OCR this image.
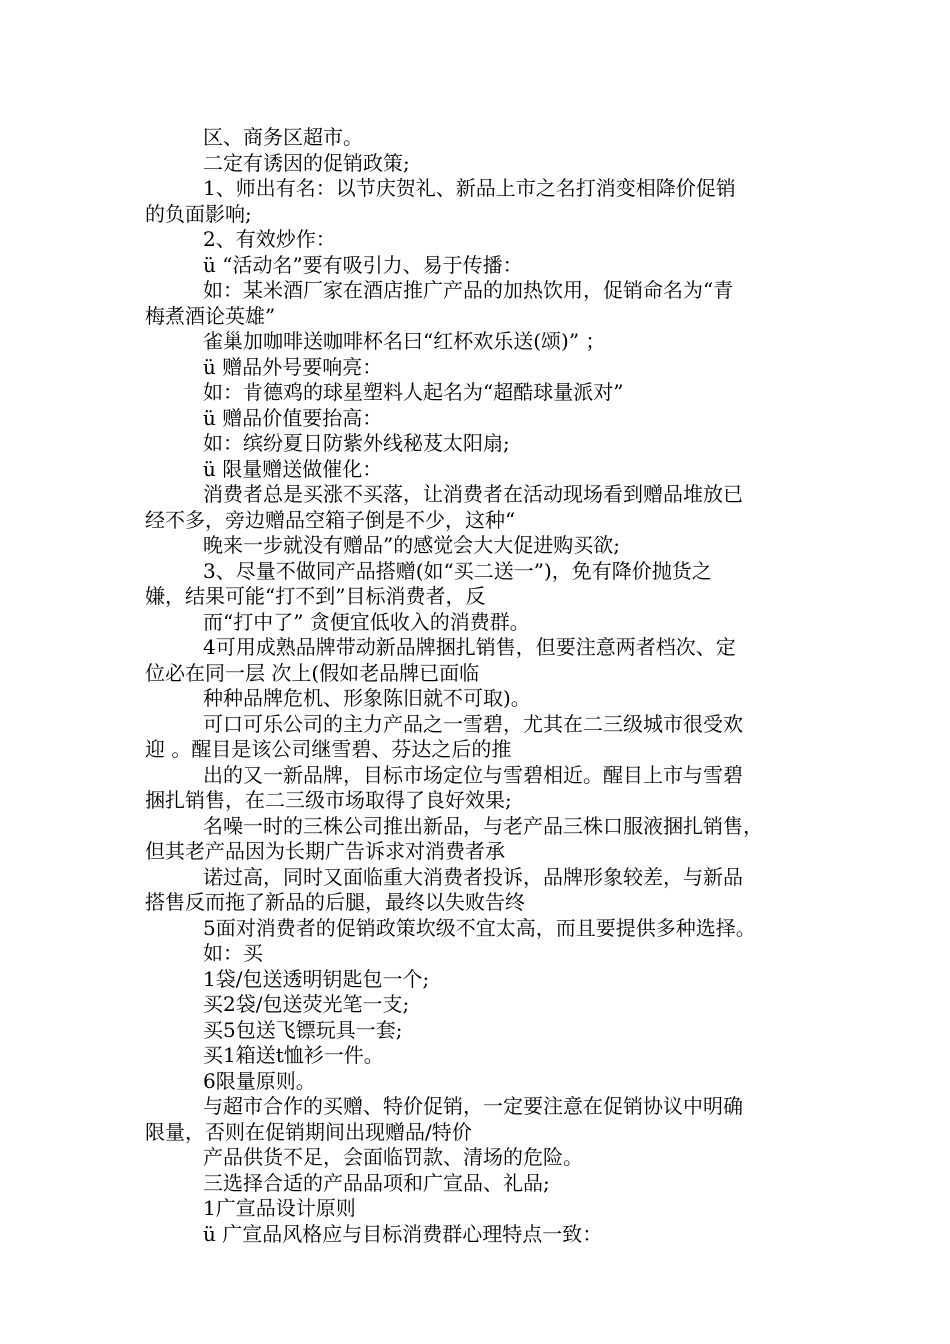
区、商务区超市。
二定有诱因的促销政策;
1、师出有名：以节庆贺礼、新品上市之名打消变相降价促销
的负面影响;
2、有效炒作：
ü “活动名”要有吸引力、易于传播：
如：某米酒厂家在酒店推广产品的加热饮用，促销命名为“青
梅煮酒论英雄”
雀巢加咖啡送咖啡杯名曰“红杯欢乐送(颂)” ；
ü 赠品外号要响亮：
如：肯德鸡的球星塑料人起名为“超酷球量派对”
ü 赠品价值要抬高：
如：缤纷夏日防紫外线秘芨太阳扇;
ü 限量赠送做催化：
消费者总是买涨不买落，让消费者在活动现场看到赠品堆放已
经不多，旁边赠品空箱子倒是不少，这种“
晚来一步就没有赠品”的感觉会大大促进购买欲;
3、尽量不做同产品搭赠(如“买二送一”)，免有降价抛货之
嫌，结果可能“打不到”目标消费者，反
而“打中了” 贪便宜低收入的消费群。
4可用成熟品牌带动新品牌捆扎销售，但要注意两者档次、定
位必在同一层 次上(假如老品牌已面临
种种品牌危机、形象陈旧就不可取)。
可口可乐公司的主力产品之一雪碧，尤其在二三级城市很受欢
迎 。醒目是该公司继雪碧、芬达之后的推
出的又一新品牌，目标市场定位与雪碧相近。醒目上市与雪碧
捆扎销售，在二三级市场取得了良好效果;
名噪一时的三株公司推出新品，与老产品三株口服液捆扎销售，
但其老产品因为长期广告诉求对消费者承
诺过高，同时又面临重大消费者投诉，品牌形象较差，与新品
搭售反而拖了新品的后腿，最终以失败告终
5面对消费者的促销政策坎级不宜太高，而且要提供多种选择。
如：买
1袋/包送透明钥匙包一个;
买2袋/包送荧光笔一支;
买5包送飞镖玩具一套;
买1箱送t恤衫一件。
6限量原则。
与超市合作的买赠、特价促销，一定要注意在促销协议中明确
限量，否则在促销期间出现赠品/特价
产品供货不足，会面临罚款、清场的危险。
三选择合适的产品品项和广宣品、礼品;
1广宣品设计原则
ü 广宣品风格应与目标消费群心理特点一致：
